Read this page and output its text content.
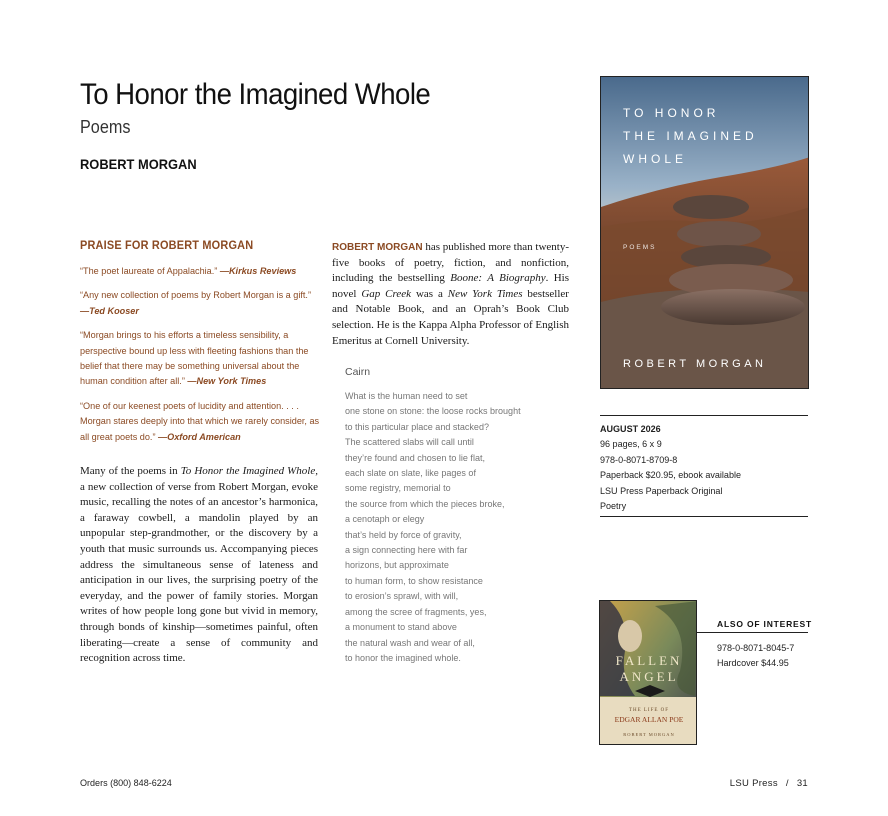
To Honor the Imagined Whole
Poems
ROBERT MORGAN
PRAISE FOR ROBERT MORGAN
“The poet laureate of Appalachia.” —Kirkus Reviews
“Any new collection of poems by Robert Morgan is a gift.” —Ted Kooser
“Morgan brings to his efforts a timeless sensibility, a perspective bound up less with fleeting fashions than the belief that there may be something universal about the human condition after all.” —New York Times
“One of our keenest poets of lucidity and attention. . . . Morgan stares deeply into that which we rarely consider, as all great poets do.” —Oxford American

Many of the poems in To Honor the Imagined Whole, a new collection of verse from Robert Morgan, evoke music, recalling the notes of an ancestor’s harmonica, a faraway cowbell, a mandolin played by an unpopular step-grandmother, or the discovery by a youth that music surrounds us. Accompanying pieces address the simultaneous sense of lateness and anticipation in our lives, the surprising poetry of the everyday, and the power of family stories. Morgan writes of how people long gone but vivid in memory, through bonds of kinship—sometimes painful, often liberating—create a sense of community and recognition across time.

ROBERT MORGAN has published more than twenty-five books of poetry, fiction, and nonfiction, including the bestselling Boone: A Biography. His novel Gap Creek was a New York Times bestseller and Notable Book, and an Oprah’s Book Club selection. He is the Kappa Alpha Professor of English Emeritus at Cornell University.

Cairn
What is the human need to set
one stone on stone: the loose rocks brought
to this particular place and stacked?
The scattered slabs will call until
they’re found and chosen to lie flat,
each slate on slate, like pages of
some registry, memorial to
the source from which the pieces broke,
a cenotaph or elegy
that’s held by force of gravity,
a sign connecting here with far
horizons, but approximate
to human form, to show resistance
to erosion’s sprawl, with will,
among the scree of fragments, yes,
a monument to stand above
the natural wash and wear of all,
to honor the imagined whole.
TO HONOR
THE IMAGINED
WHOLE
POEMS
ROBERT MORGAN
AUGUST 2026
96 pages, 6 x 9
978-0-8071-8709-8
Paperback $20.95, ebook available
LSU Press Paperback Original
Poetry
FALLEN
ANGEL
THE LIFE OF
EDGAR ALLAN POE
ROBERT MORGAN
ALSO OF INTEREST
978-0-8071-8045-7
Hardcover $44.95
Orders (800) 848-6224	LSU Press / 31
